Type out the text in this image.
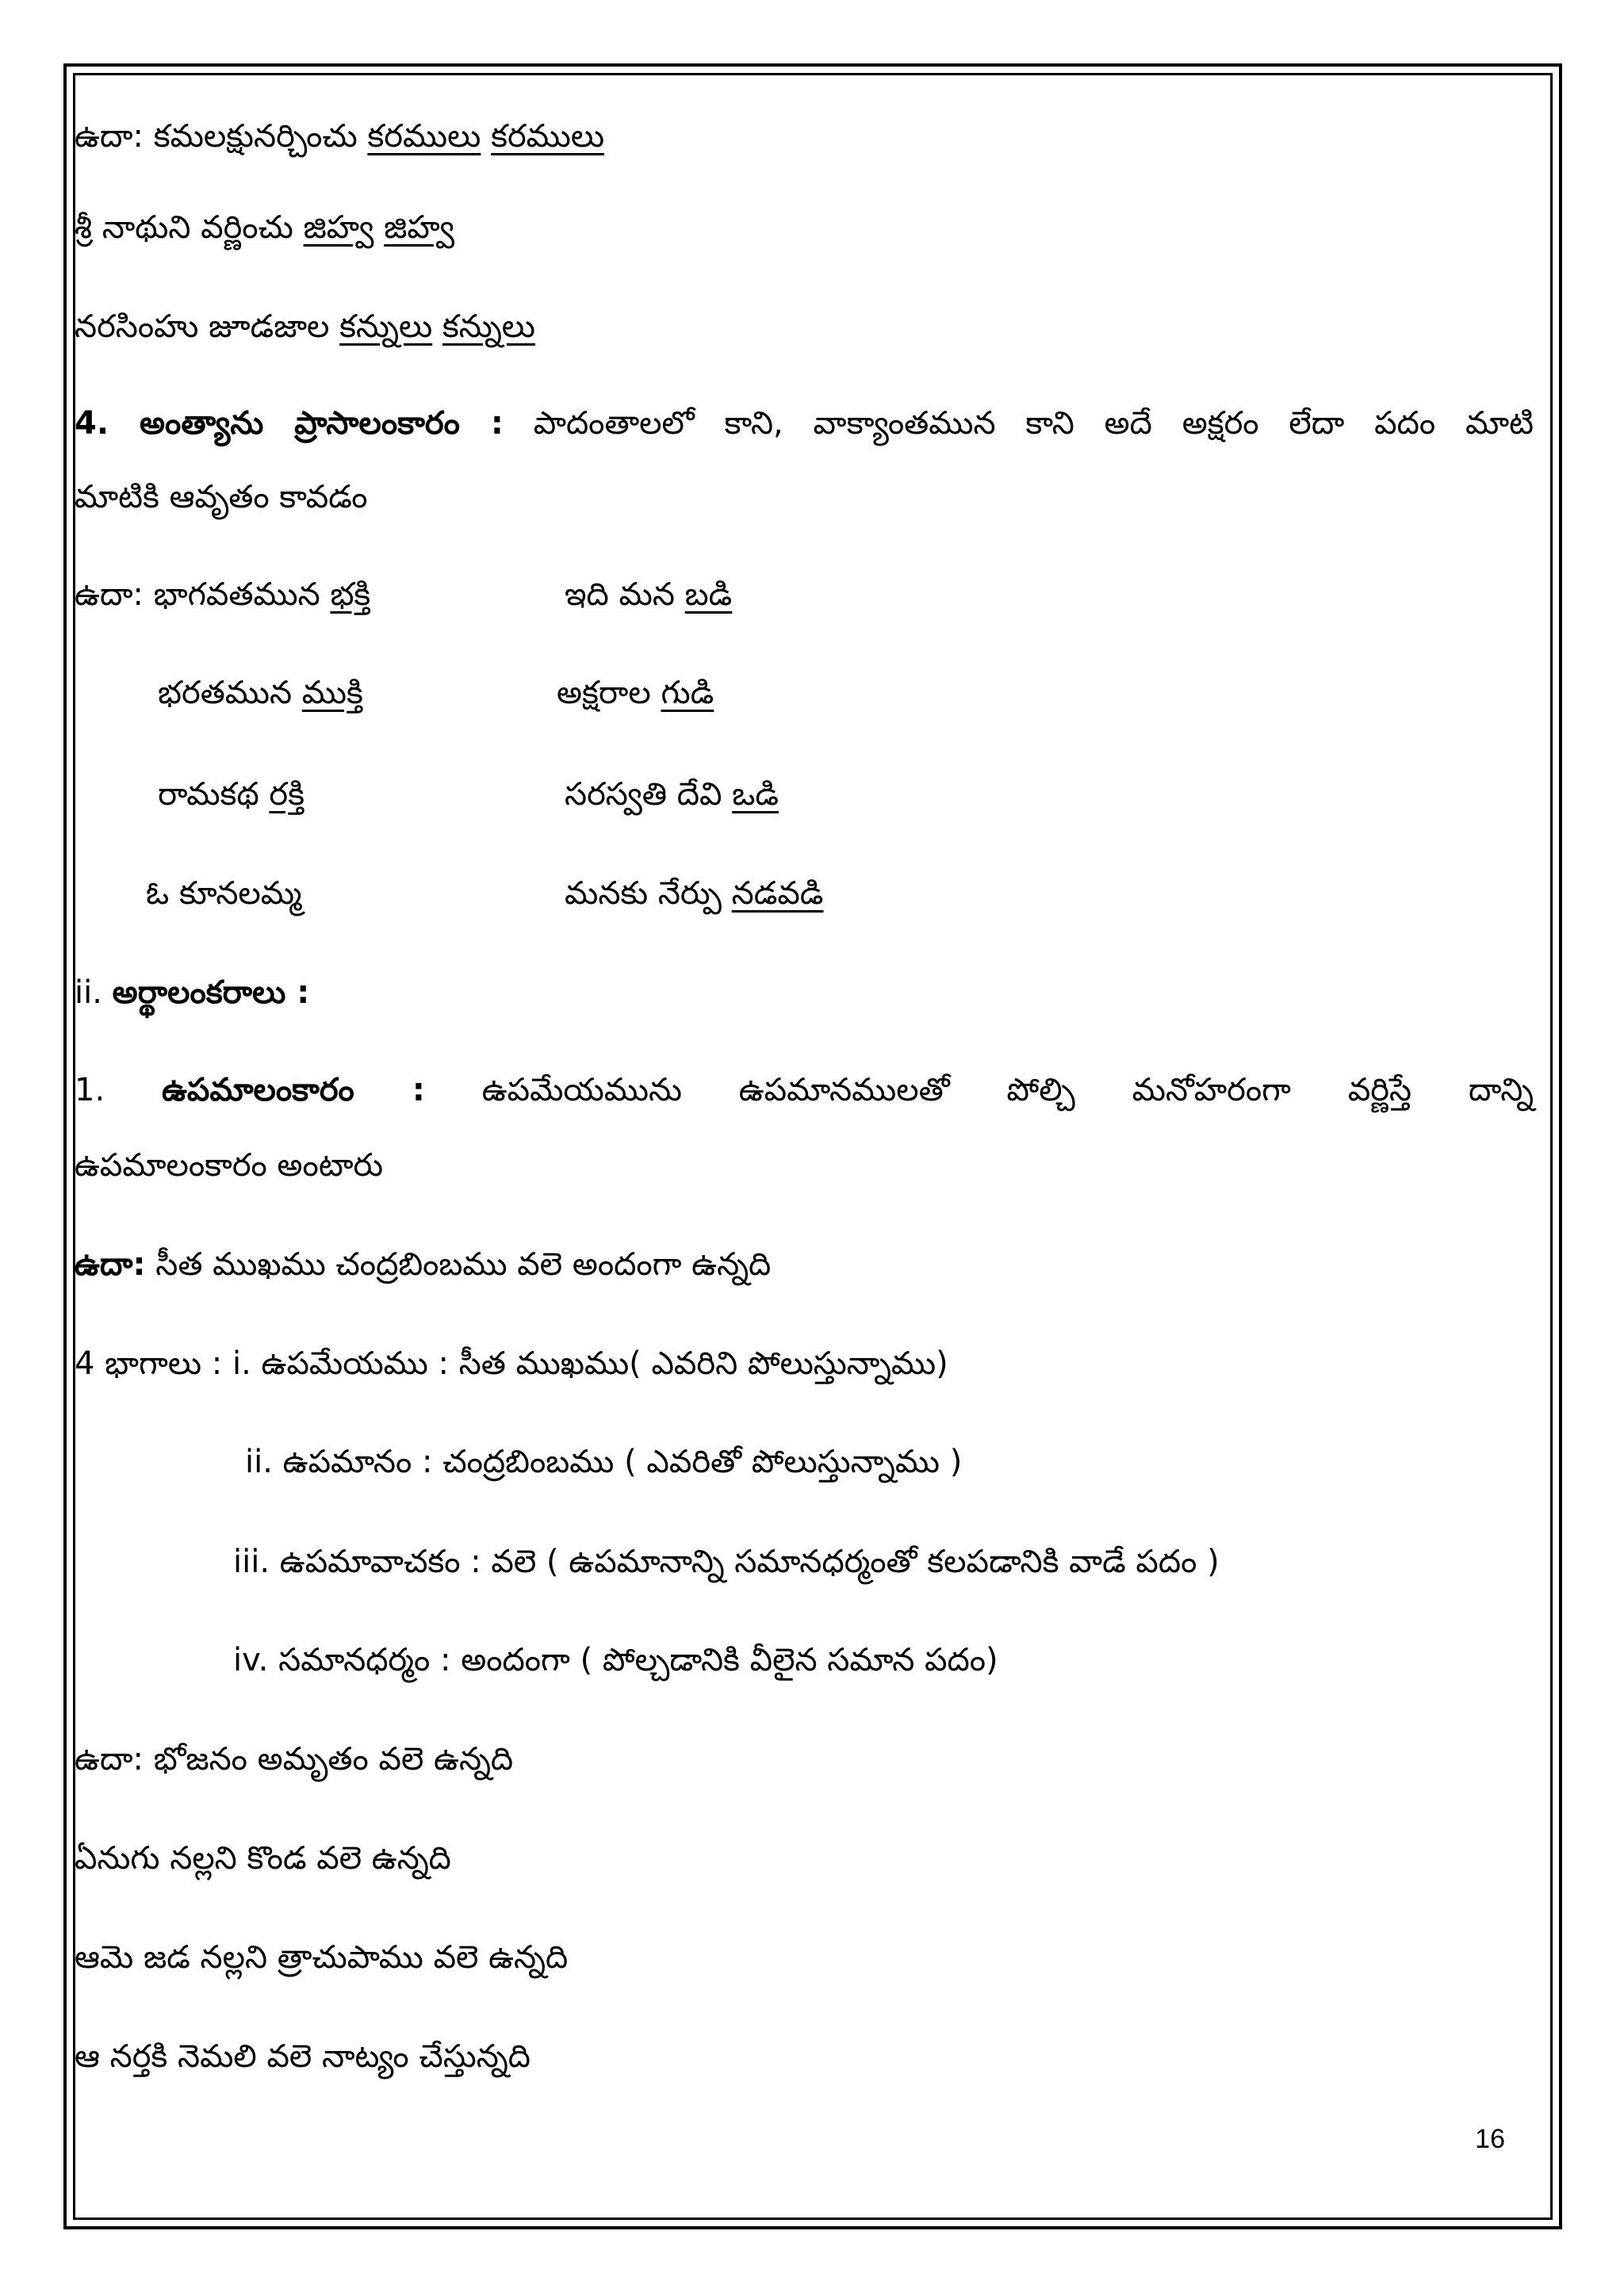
ఉదా: కమలక్షునర్చించు కరములు కరములు
శ్రీ నాథుని వర్ణించు జిహ్వ జిహ్వ
నరసింహు జూడజాల కన్నులు కన్నులు
4. అంత్యాను ప్రాసాలంకారం : పాదంతాలలో కాని, వాక్యాంతమున కాని అదే అక్షరం లేదా పదం మాటి
మాటికి ఆవృతం కావడం
ఉదా: భాగవతమున భక్తి	ఇది మన బడి
భరతమున ముక్తి	అక్షరాల గుడి
రామకథ రక్తి	సరస్వతి దేవి ఒడి
ఓ కూనలమ్మ	మనకు నేర్పు నడవడి
ii. అర్థాలంకరాలు :
1. ఉపమాలంకారం : ఉపమేయమును ఉపమానములతో పోల్చి మనోహరంగా వర్ణిస్తే దాన్ని
ఉపమాలంకారం అంటారు
ఉదా: సీత ముఖము చంద్రబింబము వలె అందంగా ఉన్నది
4 భాగాలు : i. ఉపమేయము : సీత ముఖము( ఎవరిని పోలుస్తున్నాము)
ii. ఉపమానం : చంద్రబింబము ( ఎవరితో పోలుస్తున్నాము )
iii. ఉపమావాచకం : వలె ( ఉపమానాన్ని సమానధర్మంతో కలపడానికి వాడే పదం )
iv. సమానధర్మం : అందంగా ( పోల్చడానికి వీలైన సమాన పదం)
ఉదా: భోజనం అమృతం వలె ఉన్నది
ఏనుగు నల్లని కొండ వలె ఉన్నది
ఆమె జడ నల్లని త్రాచుపాము వలె ఉన్నది
ఆ నర్తకి నెమలి వలె నాట్యం చేస్తున్నది
16
